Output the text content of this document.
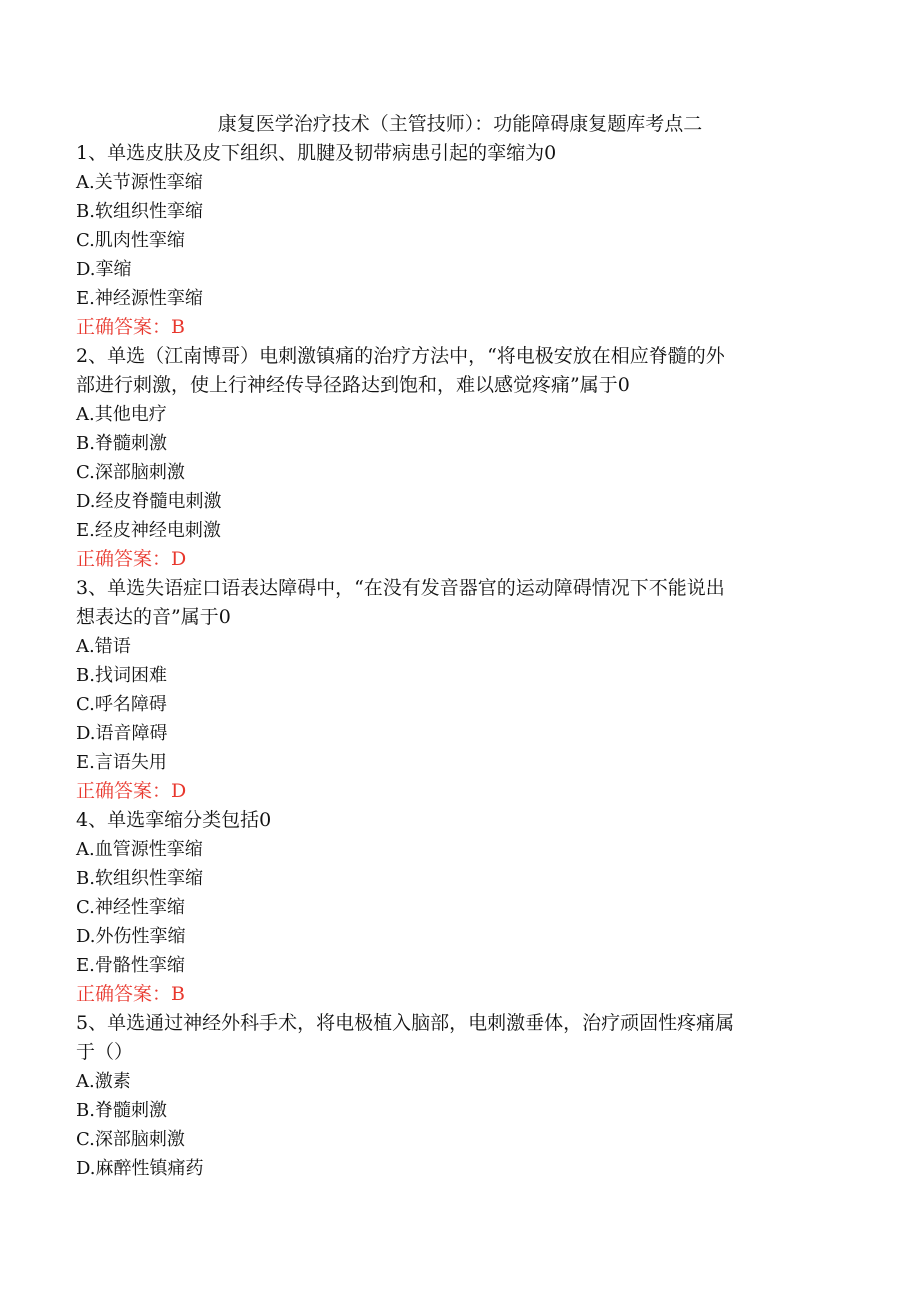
康复医学治疗技术（主管技师）：功能障碍康复题库考点二
1、单选皮肤及皮下组织、肌腱及韧带病患引起的挛缩为0
A.关节源性挛缩
B.软组织性挛缩
C.肌肉性挛缩
D.挛缩
E.神经源性挛缩
正确答案：B
2、单选（江南博哥）电刺激镇痛的治疗方法中，“将电极安放在相应脊髓的外
部进行刺激，使上行神经传导径路达到饱和，难以感觉疼痛”属于0
A.其他电疗
B.脊髓刺激
C.深部脑刺激
D.经皮脊髓电刺激
E.经皮神经电刺激
正确答案：D
3、单选失语症口语表达障碍中，“在没有发音器官的运动障碍情况下不能说出
想表达的音”属于0
A.错语
B.找词困难
C.呼名障碍
D.语音障碍
E.言语失用
正确答案：D
4、单选挛缩分类包括0
A.血管源性挛缩
B.软组织性挛缩
C.神经性挛缩
D.外伤性挛缩
E.骨骼性挛缩
正确答案：B
5、单选通过神经外科手术，将电极植入脑部，电刺激垂体，治疗顽固性疼痛属
于（）
A.激素
B.脊髓刺激
C.深部脑刺激
D.麻醉性镇痛药
